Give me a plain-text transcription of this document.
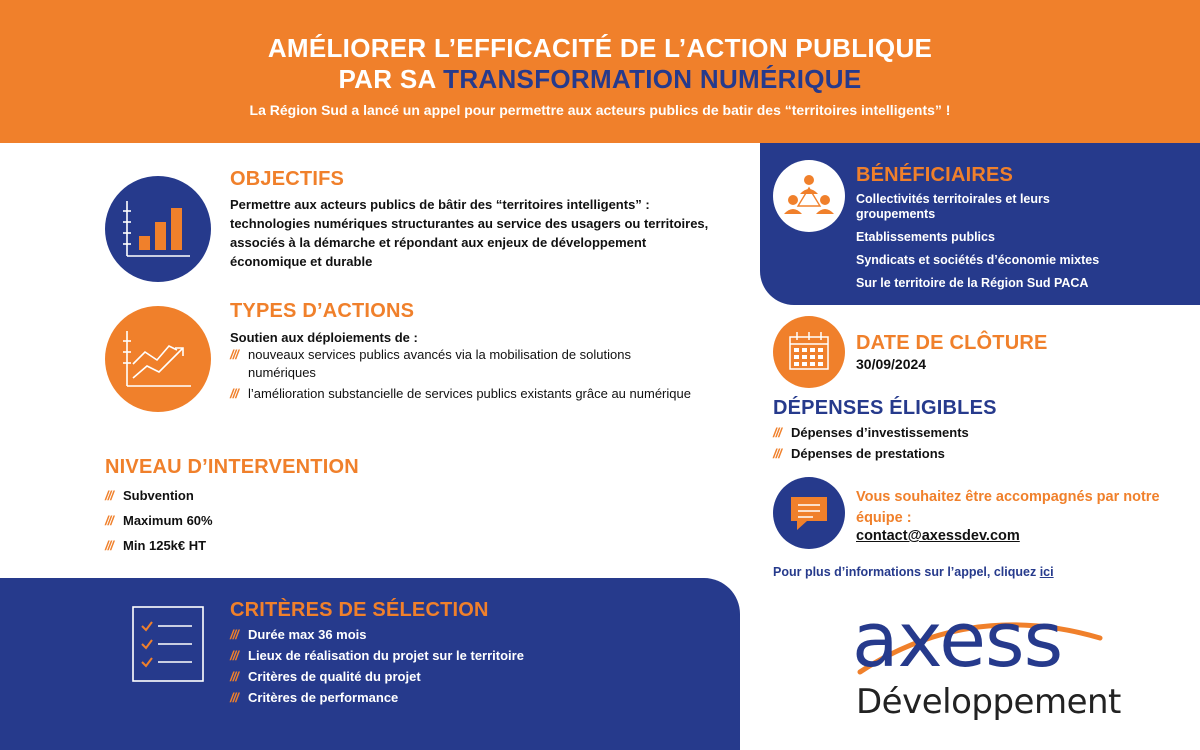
AMÉLIORER L’EFFICACITÉ DE L’ACTION PUBLIQUE
PAR SA TRANSFORMATION NUMÉRIQUE
La Région Sud a lancé un appel pour permettre aux acteurs publics de batir des “territoires intelligents” !
OBJECTIFS
Permettre aux acteurs publics de bâtir des “territoires intelligents” : technologies numériques structurantes au service des usagers ou territoires, associés à la démarche et répondant aux enjeux de développement économique et durable
TYPES D’ACTIONS
Soutien aux déploiements de :
/// nouveaux services publics avancés via la mobilisation de solutions numériques
/// l’amélioration substancielle de services publics existants grâce au numérique
NIVEAU D’INTERVENTION
/// Subvention
/// Maximum 60%
/// Min 125k€ HT
CRITÈRES DE SÉLECTION
/// Durée max 36 mois
/// Lieux de réalisation du projet sur le territoire
/// Critères de qualité du projet
/// Critères de performance
BÉNÉFICIAIRES
Collectivités territoirales et leurs groupements
Etablissements publics
Syndicats et sociétés d’économie mixtes
Sur le territoire de la Région Sud PACA
DATE DE CLÔTURE
30/09/2024
DÉPENSES ÉLIGIBLES
/// Dépenses d’investissements
/// Dépenses de prestations
Vous souhaitez être accompagnés par notre équipe :
contact@axessdev.com
Pour plus d’informations sur l’appel, cliquez ici
axess
Développement
